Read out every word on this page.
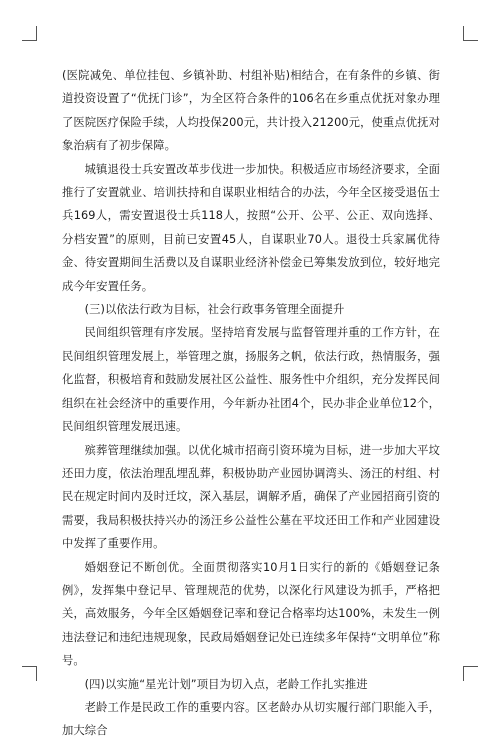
(医院减免、单位挂包、乡镇补助、村组补贴)相结合，在有条件的乡镇、街道投资设置了“优抚门诊”，为全区符合条件的106名在乡重点优抚对象办理了医院医疗保险手续，人均投保200元，共计投入21200元，使重点优抚对象治病有了初步保障。

城镇退役士兵安置改革步伐进一步加快。积极适应市场经济要求，全面推行了安置就业、培训扶持和自谋职业相结合的办法，今年全区接受退伍士兵169人，需安置退役士兵118人，按照“公开、公平、公正、双向选择、分档安置”的原则，目前已安置45人，自谋职业70人。退役士兵家属优待金、待安置期间生活费以及自谋职业经济补偿金已筹集发放到位，较好地完成今年安置任务。

(三)以依法行政为目标，社会行政事务管理全面提升

民间组织管理有序发展。坚持培育发展与监督管理并重的工作方针，在民间组织管理发展上，举管理之旗，扬服务之帆，依法行政，热情服务，强化监督，积极培育和鼓励发展社区公益性、服务性中介组织，充分发挥民间组织在社会经济中的重要作用，今年新办社团4个，民办非企业单位12个，民间组织管理发展迅速。

殡葬管理继续加强。以优化城市招商引资环境为目标，进一步加大平坟还田力度，依法治理乱埋乱葬，积极协助产业园协调湾头、汤汪的村组、村民在规定时间内及时迁坟，深入基层，调解矛盾，确保了产业园招商引资的需要，我局积极扶持兴办的汤汪乡公益性公墓在平坟还田工作和产业园建设中发挥了重要作用。

婚姻登记不断创优。全面贯彻落实10月1日实行的新的《婚姻登记条例》，发挥集中登记早、管理规范的优势，以深化行风建设为抓手，严格把关，高效服务，今年全区婚姻登记率和登记合格率均达100%，未发生一例违法登记和违纪违规现象，民政局婚姻登记处已连续多年保持“文明单位”称号。

(四)以实施“星光计划”项目为切入点，老龄工作扎实推进

老龄工作是民政工作的重要内容。区老龄办从切实履行部门职能入手，加大综合
